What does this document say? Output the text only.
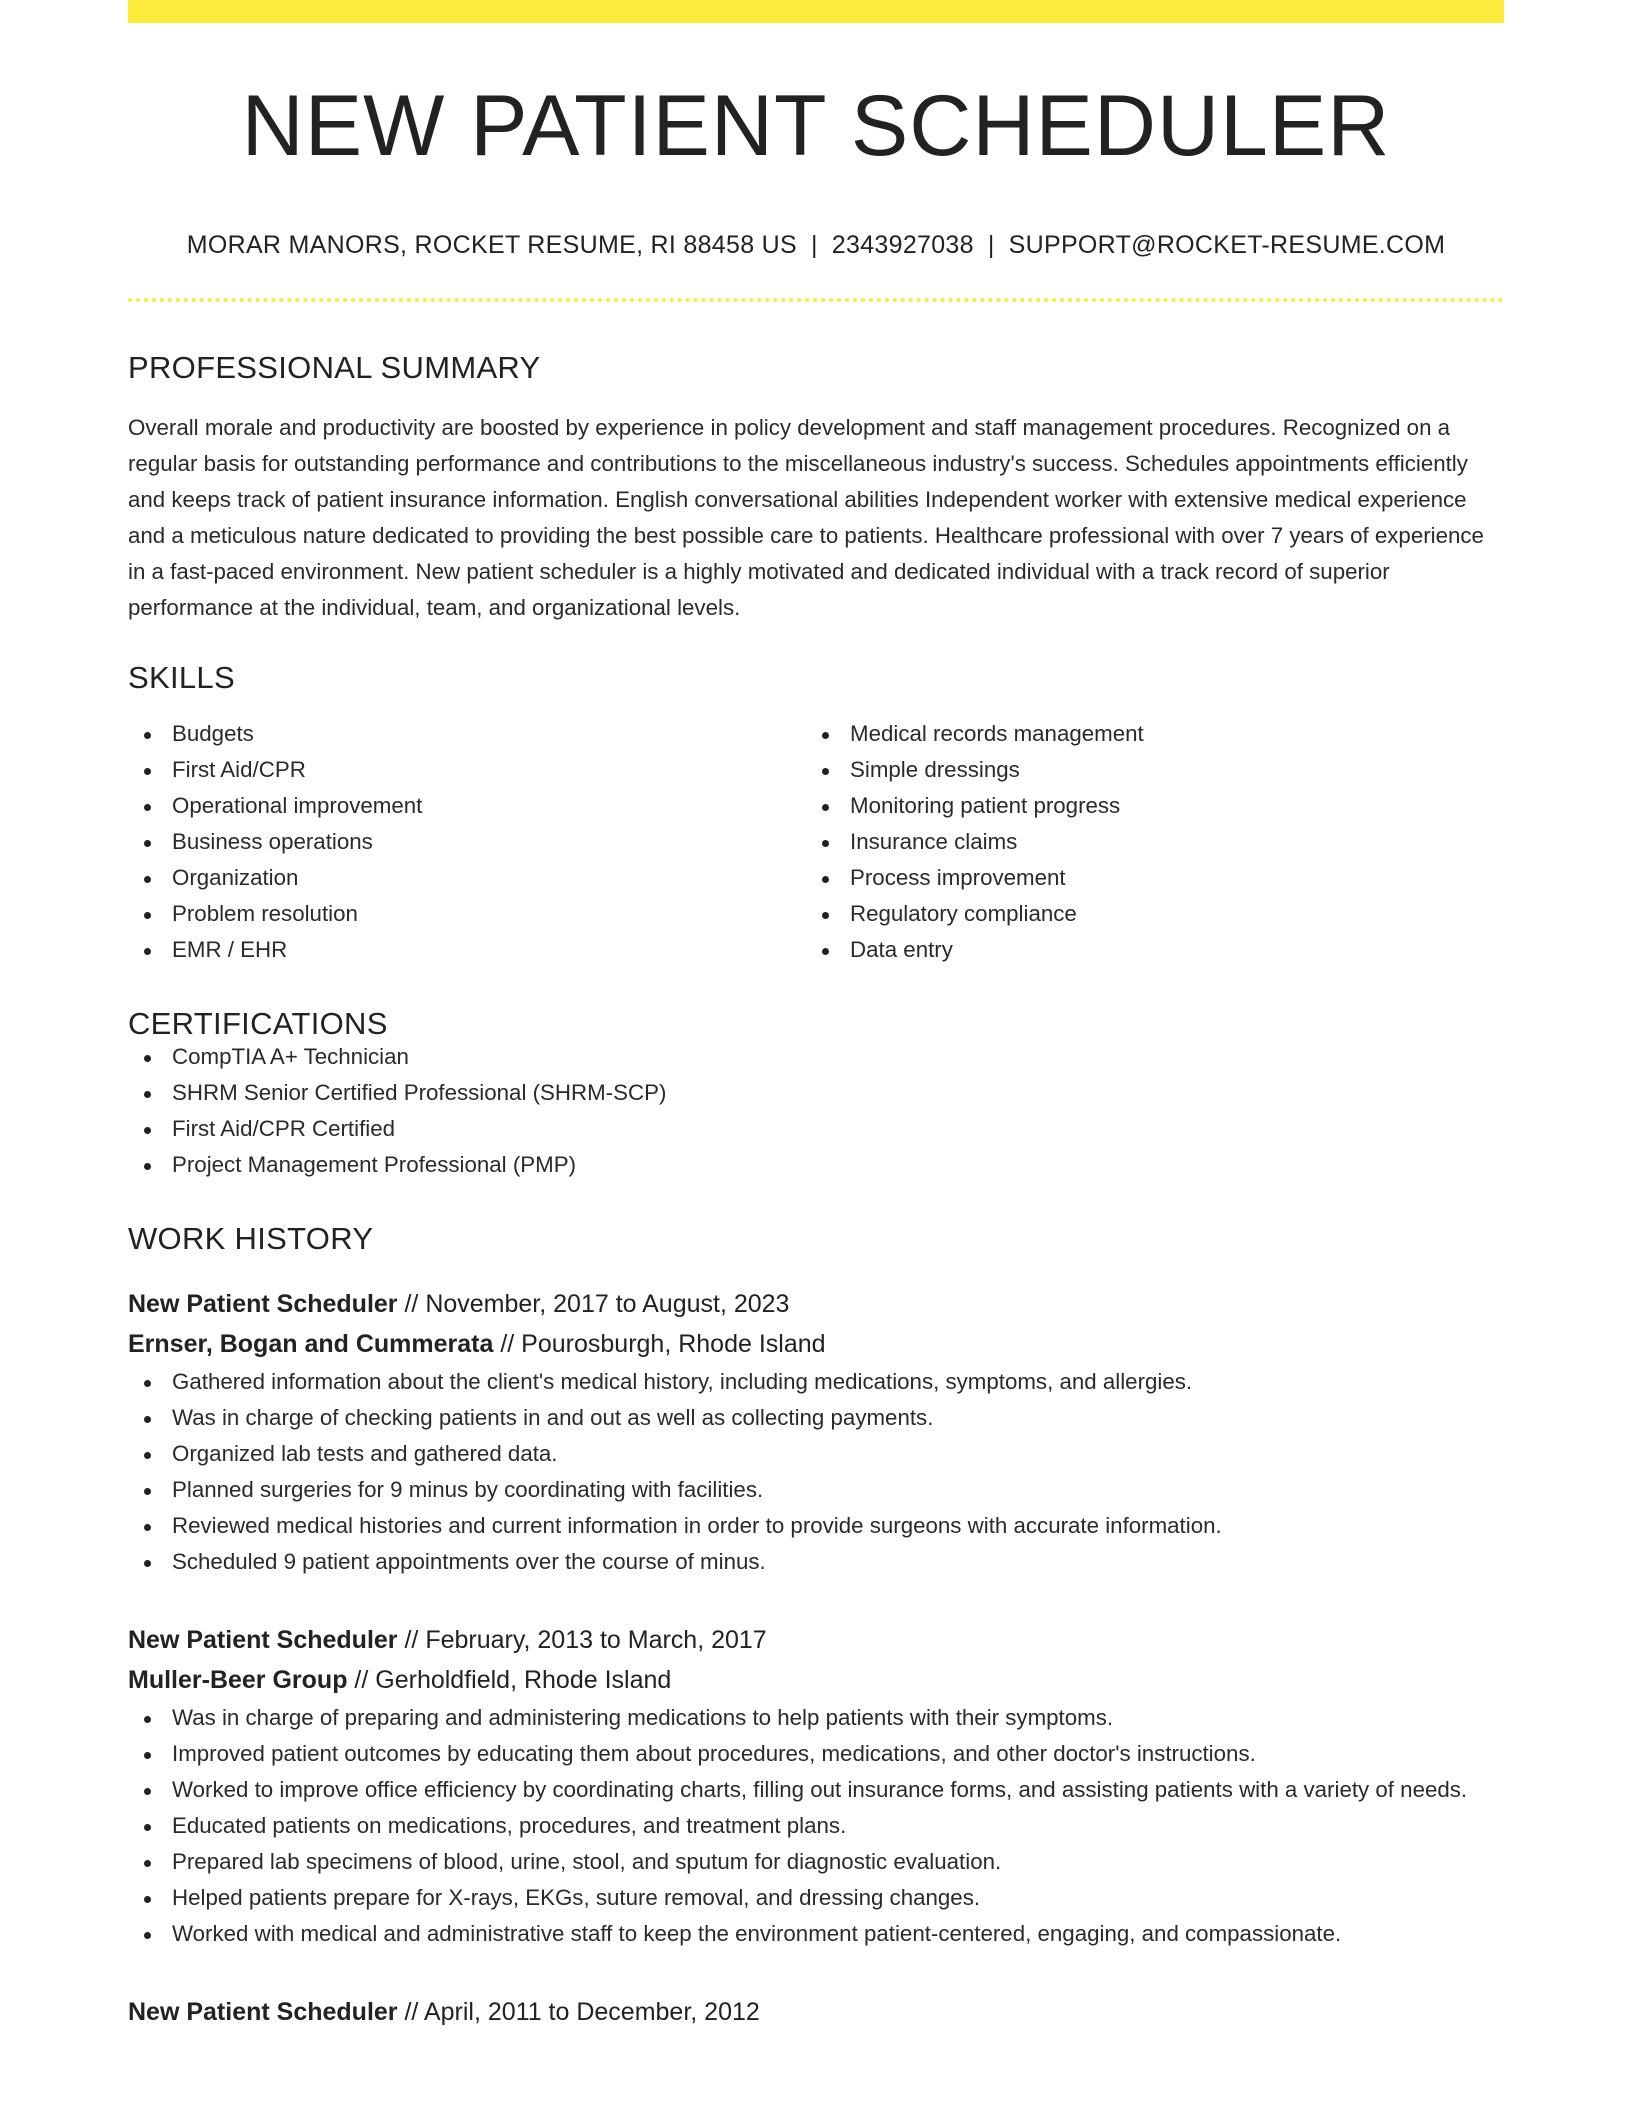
NEW PATIENT SCHEDULER
MORAR MANORS, ROCKET RESUME, RI 88458 US | 2343927038 | SUPPORT@ROCKET-RESUME.COM
PROFESSIONAL SUMMARY

Overall morale and productivity are boosted by experience in policy development and staff management procedures. Recognized on a regular basis for outstanding performance and contributions to the miscellaneous industry's success. Schedules appointments efficiently and keeps track of patient insurance information. English conversational abilities Independent worker with extensive medical experience and a meticulous nature dedicated to providing the best possible care to patients. Healthcare professional with over 7 years of experience in a fast-paced environment. New patient scheduler is a highly motivated and dedicated individual with a track record of superior performance at the individual, team, and organizational levels.

SKILLS
Budgets
First Aid/CPR
Operational improvement
Business operations
Organization
Problem resolution
EMR / EHR
Medical records management
Simple dressings
Monitoring patient progress
Insurance claims
Process improvement
Regulatory compliance
Data entry
CERTIFICATIONS
CompTIA A+ Technician
SHRM Senior Certified Professional (SHRM-SCP)
First Aid/CPR Certified
Project Management Professional (PMP)
WORK HISTORY
New Patient Scheduler // November, 2017 to August, 2023
Ernser, Bogan and Cummerata // Pourosburgh, Rhode Island
Gathered information about the client's medical history, including medications, symptoms, and allergies.
Was in charge of checking patients in and out as well as collecting payments.
Organized lab tests and gathered data.
Planned surgeries for 9 minus by coordinating with facilities.
Reviewed medical histories and current information in order to provide surgeons with accurate information.
Scheduled 9 patient appointments over the course of minus.
New Patient Scheduler // February, 2013 to March, 2017
Muller-Beer Group // Gerholdfield, Rhode Island
Was in charge of preparing and administering medications to help patients with their symptoms.
Improved patient outcomes by educating them about procedures, medications, and other doctor's instructions.
Worked to improve office efficiency by coordinating charts, filling out insurance forms, and assisting patients with a variety of needs.
Educated patients on medications, procedures, and treatment plans.
Prepared lab specimens of blood, urine, stool, and sputum for diagnostic evaluation.
Helped patients prepare for X-rays, EKGs, suture removal, and dressing changes.
Worked with medical and administrative staff to keep the environment patient-centered, engaging, and compassionate.
New Patient Scheduler // April, 2011 to December, 2012
